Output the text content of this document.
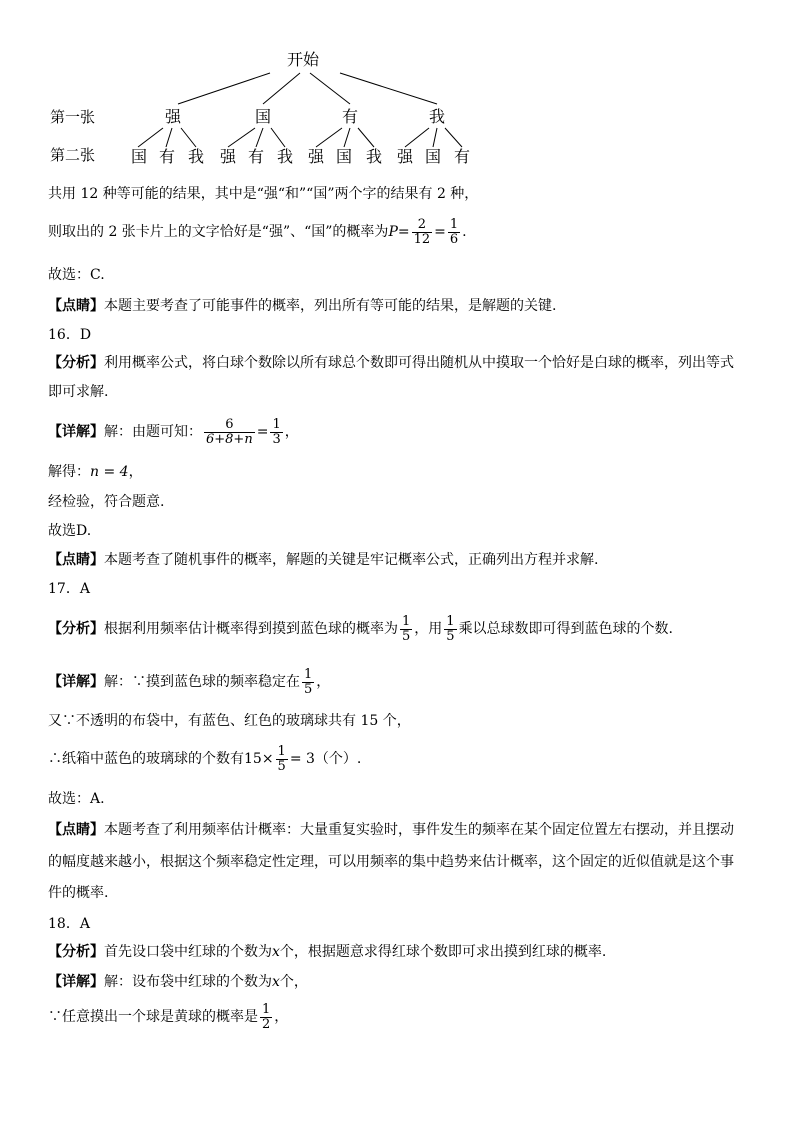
开始
第一张
第二张
强	国	有	我
国 有 我 强 有 我 强 国 我 强 国 有
共用 12 种等可能的结果，其中是“强“和”“国”两个字的结果有 2 种，
则取出的 2 张卡片上的文字恰好是“强”、“国”的概率为$P= \frac{2}{12} = \frac{1}{6}$ .
故选：C.
【点睛】本题主要考查了可能事件的概率，列出所有等可能的结果，是解题的关键.
16．D
【分析】利用概率公式，将白球个数除以所有球总个数即可得出随机从中摸取一个恰好是白球的概率，列出等式
即可求解.
【详解】解：由题可知： $\frac{6}{6+8+n} = \frac{1}{3}$ ，
解得：n = 4，
经检验，符合题意.
故选D.
【点睛】本题考查了随机事件的概率，解题的关键是牢记概率公式，正确列出方程并求解.
17．A
【分析】根据利用频率估计概率得到摸到蓝色球的概率为 $\frac{1}{5}$ ，用 $\frac{1}{5}$ 乘以总球数即可得到蓝色球的个数.
【详解】解：∵摸到蓝色球的频率稳定在 $\frac{1}{5}$ ，
又∵不透明的布袋中，有蓝色、红色的玻璃球共有 15 个，
∴纸箱中蓝色的玻璃球的个数有$15\times \frac{1}{5} = 3$（个）.
故选：A.
【点睛】本题考查了利用频率估计概率：大量重复实验时，事件发生的频率在某个固定位置左右摆动，并且摆动
的幅度越来越小，根据这个频率稳定性定理，可以用频率的集中趋势来估计概率，这个固定的近似值就是这个事
件的概率.
18．A
【分析】首先设口袋中红球的个数为x个，根据题意求得红球个数即可求出摸到红球的概率.
【详解】解：设布袋中红球的个数为x个，
∵任意摸出一个球是黄球的概率是 $\frac{1}{2}$ ，
